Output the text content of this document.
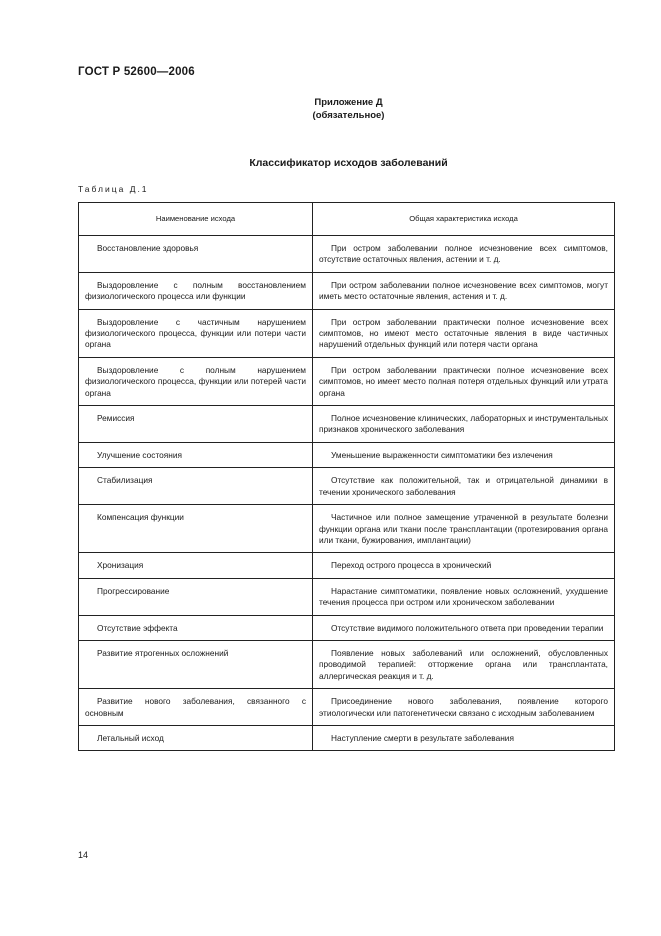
ГОСТ Р 52600—2006
Приложение Д
(обязательное)
Классификатор исходов заболеваний
Таблица Д.1
Наименование исхода	Общая характеристика исхода
Восстановление здоровья	При остром заболевании полное исчезновение всех симптомов, отсутствие остаточных явления, астении и т. д.
Выздоровление с полным восстановлением физиологического процесса или функции	При остром заболевании полное исчезновение всех симптомов, могут иметь место остаточные явления, астения и т. д.
Выздоровление с частичным нарушением физиологического процесса, функции или потери части органа	При остром заболевании практически полное исчезновение всех симптомов, но имеют место остаточные явления в виде частичных нарушений отдельных функций или потеря части органа
Выздоровление с полным нарушением физиологического процесса, функции или потерей части органа	При остром заболевании практически полное исчезновение всех симптомов, но имеет место полная потеря отдельных функций или утрата органа
Ремиссия	Полное исчезновение клинических, лабораторных и инструментальных признаков хронического заболевания
Улучшение состояния	Уменьшение выраженности симптоматики без излечения
Стабилизация	Отсутствие как положительной, так и отрицательной динамики в течении хронического заболевания
Компенсация функции	Частичное или полное замещение утраченной в результате болезни функции органа или ткани после трансплантации (протезирования органа или ткани, бужирования, имплантации)
Хронизация	Переход острого процесса в хронический
Прогрессирование	Нарастание симптоматики, появление новых осложнений, ухудшение течения процесса при остром или хроническом заболевании
Отсутствие эффекта	Отсутствие видимого положительного ответа при проведении терапии
Развитие ятрогенных осложнений	Появление новых заболеваний или осложнений, обусловленных проводимой терапией: отторжение органа или трансплантата, аллергическая реакция и т. д.
Развитие нового заболевания, связанного с основным	Присоединение нового заболевания, появление которого этиологически или патогенетически связано с исходным заболеванием
Летальный исход	Наступление смерти в результате заболевания
14
